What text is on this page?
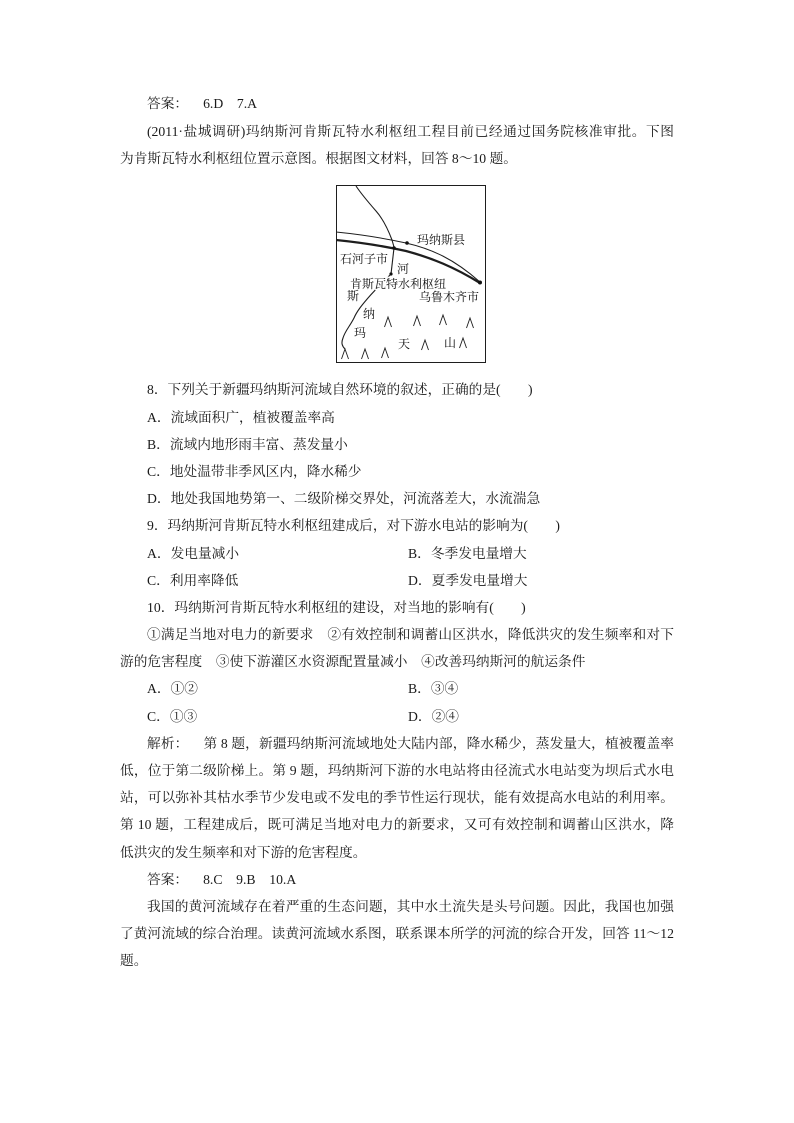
答案： 6.D　7.A
(2011·盐城调研)玛纳斯河肯斯瓦特水利枢纽工程目前已经通过国务院核准审批。下图
为肯斯瓦特水利枢纽位置示意图。根据图文材料，回答 8～10 题。
玛纳斯县
石河子市
河
肯斯瓦特水利枢纽
斯	乌鲁木齐市
纳
玛
天	山
8．下列关于新疆玛纳斯河流域自然环境的叙述，正确的是(　　)
A．流域面积广，植被覆盖率高
B．流域内地形雨丰富、蒸发量小
C．地处温带非季风区内，降水稀少
D．地处我国地势第一、二级阶梯交界处，河流落差大，水流湍急
9．玛纳斯河肯斯瓦特水利枢纽建成后，对下游水电站的影响为(　　)
A．发电量减小	B．冬季发电量增大
C．利用率降低	D．夏季发电量增大
10．玛纳斯河肯斯瓦特水利枢纽的建设，对当地的影响有(　　)
①满足当地对电力的新要求　②有效控制和调蓄山区洪水，降低洪灾的发生频率和对下
游的危害程度　③使下游灌区水资源配置量减小　④改善玛纳斯河的航运条件
A．①②	B．③④
C．①③	D．②④
解析： 第 8 题，新疆玛纳斯河流域地处大陆内部，降水稀少，蒸发量大，植被覆盖率
低，位于第二级阶梯上。第 9 题，玛纳斯河下游的水电站将由径流式水电站变为坝后式水电
站，可以弥补其枯水季节少发电或不发电的季节性运行现状，能有效提高水电站的利用率。
第 10 题，工程建成后，既可满足当地对电力的新要求，又可有效控制和调蓄山区洪水，降
低洪灾的发生频率和对下游的危害程度。
答案： 8.C　9.B　10.A
我国的黄河流域存在着严重的生态问题，其中水土流失是头号问题。因此，我国也加强
了黄河流域的综合治理。读黄河流域水系图，联系课本所学的河流的综合开发，回答 11～12
题。
